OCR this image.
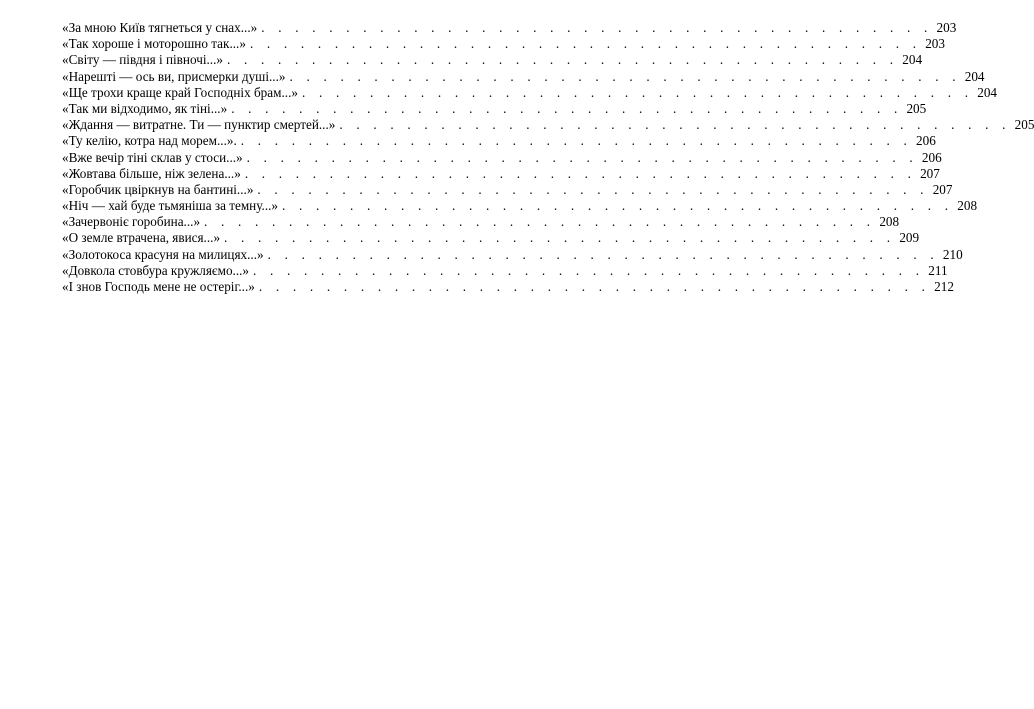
«За мною Київ тягнеться у снах...» . . . . . . . . . . . . . . . . . . . . . . . . . . . . . . . . . . . . . . . . 203
«Так хороше і моторошно так...» . . . . . . . . . . . . . . . . . . . . . . . . . . . . . . . . . . . . . . . . 203
«Світу — півдня і півночі...» . . . . . . . . . . . . . . . . . . . . . . . . . . . . . . . . . . . . . . . . 204
«Нарешті — ось ви, присмерки душі...» . . . . . . . . . . . . . . . . . . . . . . . . . . . . . . . . . . . . . . . . 204
«Ще трохи краще край Господніх брам...» . . . . . . . . . . . . . . . . . . . . . . . . . . . . . . . . . . . . . . . . 204
«Так ми відходимо, як тіні...» . . . . . . . . . . . . . . . . . . . . . . . . . . . . . . . . . . . . . . . . 205
«Ждання — витратне. Ти — пунктир смертей...» . . . . . . . . . . . . . . . . . . . . . . . . . . . . . . . . . . . . . . . . 205
«Ту келію, котра над морем...». . . . . . . . . . . . . . . . . . . . . . . . . . . . . . . . . . . . . . . . . 206
«Вже вечір тіні склав у стоси...» . . . . . . . . . . . . . . . . . . . . . . . . . . . . . . . . . . . . . . . . 206
«Жовтава більше, ніж зелена...» . . . . . . . . . . . . . . . . . . . . . . . . . . . . . . . . . . . . . . . . 207
«Горобчик цвіркнув на бантині...» . . . . . . . . . . . . . . . . . . . . . . . . . . . . . . . . . . . . . . . . 207
«Ніч — хай буде тьмяніша за темну...» . . . . . . . . . . . . . . . . . . . . . . . . . . . . . . . . . . . . . . . . 208
«Зачервоніє горобина...» . . . . . . . . . . . . . . . . . . . . . . . . . . . . . . . . . . . . . . . . 208
«О земле втрачена, явися...» . . . . . . . . . . . . . . . . . . . . . . . . . . . . . . . . . . . . . . . . 209
«Золотокоса красуня на милицях...» . . . . . . . . . . . . . . . . . . . . . . . . . . . . . . . . . . . . . . . . 210
«Довкола стовбура кружляємо...» . . . . . . . . . . . . . . . . . . . . . . . . . . . . . . . . . . . . . . . . 211
«І знов Господь мене не остеріг...» . . . . . . . . . . . . . . . . . . . . . . . . . . . . . . . . . . . . . . . . 212
